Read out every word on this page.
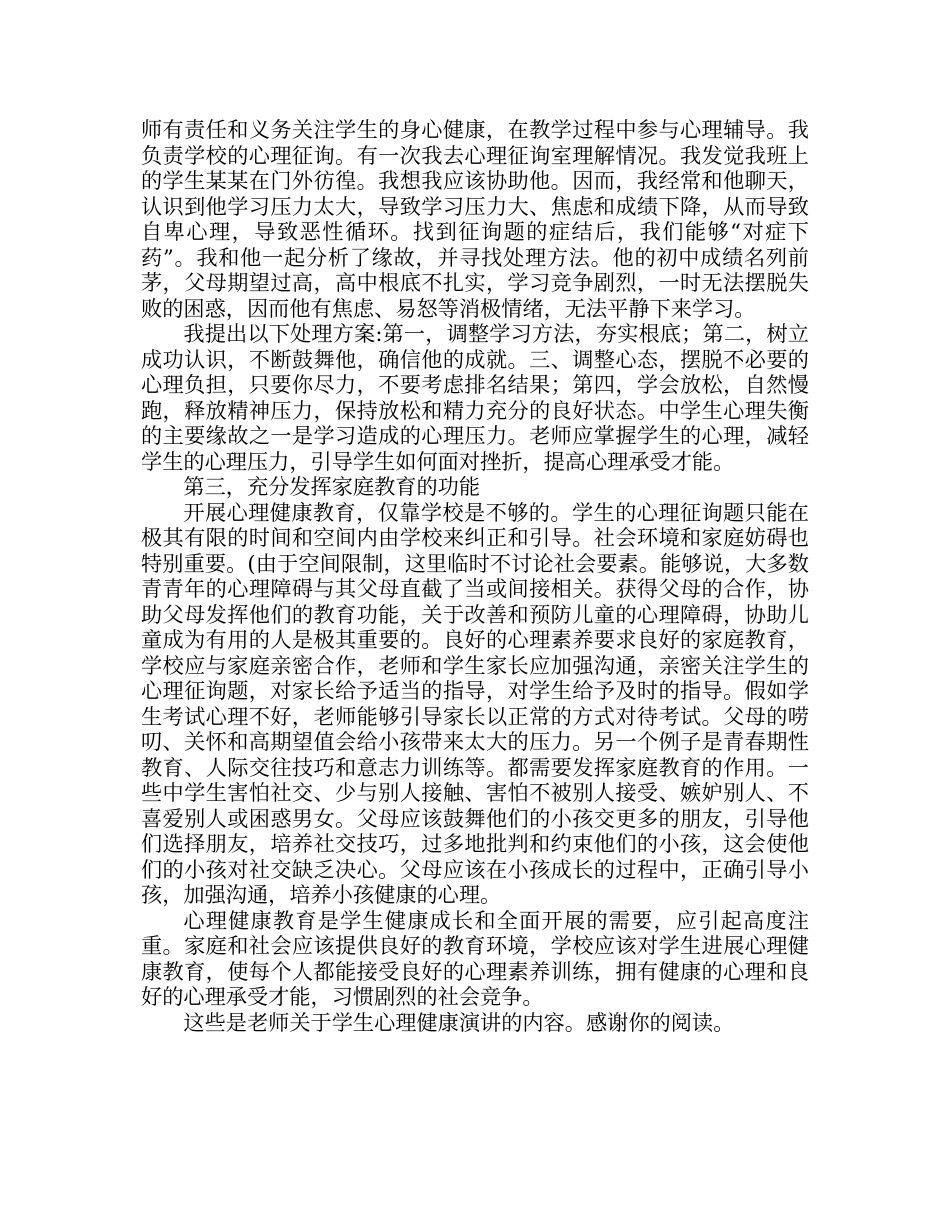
师有责任和义务关注学生的身心健康，在教学过程中参与心理辅导。我负责学校的心理征询。有一次我去心理征询室理解情况。我发觉我班上的学生某某在门外彷徨。我想我应该协助他。因而，我经常和他聊天，认识到他学习压力太大，导致学习压力大、焦虑和成绩下降，从而导致自卑心理，导致恶性循环。找到征询题的症结后，我们能够“对症下药”。我和他一起分析了缘故，并寻找处理方法。他的初中成绩名列前茅，父母期望过高，高中根底不扎实，学习竞争剧烈，一时无法摆脱失败的困惑，因而他有焦虑、易怒等消极情绪，无法平静下来学习。

我提出以下处理方案:第一，调整学习方法，夯实根底；第二，树立成功认识，不断鼓舞他，确信他的成就。三、调整心态，摆脱不必要的心理负担，只要你尽力，不要考虑排名结果；第四，学会放松，自然慢跑，释放精神压力，保持放松和精力充分的良好状态。中学生心理失衡的主要缘故之一是学习造成的心理压力。老师应掌握学生的心理，减轻学生的心理压力，引导学生如何面对挫折，提高心理承受才能。

第三，充分发挥家庭教育的功能

开展心理健康教育，仅靠学校是不够的。学生的心理征询题只能在极其有限的时间和空间内由学校来纠正和引导。社会环境和家庭妨碍也特别重要。(由于空间限制，这里临时不讨论社会要素。能够说，大多数青青年的心理障碍与其父母直截了当或间接相关。获得父母的合作，协助父母发挥他们的教育功能，关于改善和预防儿童的心理障碍，协助儿童成为有用的人是极其重要的。良好的心理素养要求良好的家庭教育，学校应与家庭亲密合作，老师和学生家长应加强沟通，亲密关注学生的心理征询题，对家长给予适当的指导，对学生给予及时的指导。假如学生考试心理不好，老师能够引导家长以正常的方式对待考试。父母的唠叨、关怀和高期望值会给小孩带来太大的压力。另一个例子是青春期性教育、人际交往技巧和意志力训练等。都需要发挥家庭教育的作用。一些中学生害怕社交、少与别人接触、害怕不被别人接受、嫉妒别人、不喜爱别人或困惑男女。父母应该鼓舞他们的小孩交更多的朋友，引导他们选择朋友，培养社交技巧，过多地批判和约束他们的小孩，这会使他们的小孩对社交缺乏决心。父母应该在小孩成长的过程中，正确引导小孩，加强沟通，培养小孩健康的心理。

心理健康教育是学生健康成长和全面开展的需要，应引起高度注重。家庭和社会应该提供良好的教育环境，学校应该对学生进展心理健康教育，使每个人都能接受良好的心理素养训练，拥有健康的心理和良好的心理承受才能，习惯剧烈的社会竞争。

这些是老师关于学生心理健康演讲的内容。感谢你的阅读。
